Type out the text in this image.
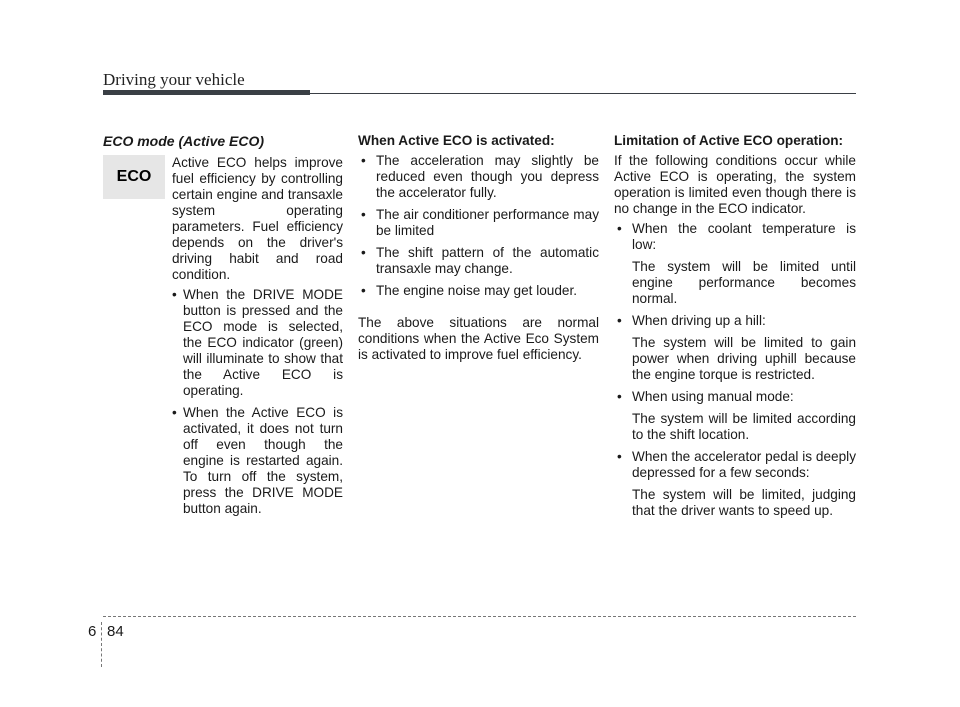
Driving your vehicle
ECO mode (Active ECO)
ECO

Active ECO helps improve fuel efficiency by controlling certain engine and transaxle system operating parameters. Fuel efficiency depends on the driver's driving habit and road condition.

• When the DRIVE MODE button is pressed and the ECO mode is selected, the ECO indicator (green) will illuminate to show that the Active ECO is operating.
• When the Active ECO is activated, it does not turn off even though the engine is restarted again. To turn off the system, press the DRIVE MODE button again.
When Active ECO is activated:
• The acceleration may slightly be reduced even though you depress the accelerator fully.
• The air conditioner performance may be limited
• The shift pattern of the automatic transaxle may change.
• The engine noise may get louder.

The above situations are normal conditions when the Active Eco System is activated to improve fuel efficiency.

Limitation of Active ECO operation:

If the following conditions occur while Active ECO is operating, the system operation is limited even though there is no change in the ECO indicator.

• When the coolant temperature is low:

The system will be limited until engine performance becomes normal.

• When driving up a hill:

The system will be limited to gain power when driving uphill because the engine torque is restricted.

• When using manual mode:

The system will be limited according to the shift location.

• When the accelerator pedal is deeply depressed for a few seconds:

The system will be limited, judging that the driver wants to speed up.

6 84
